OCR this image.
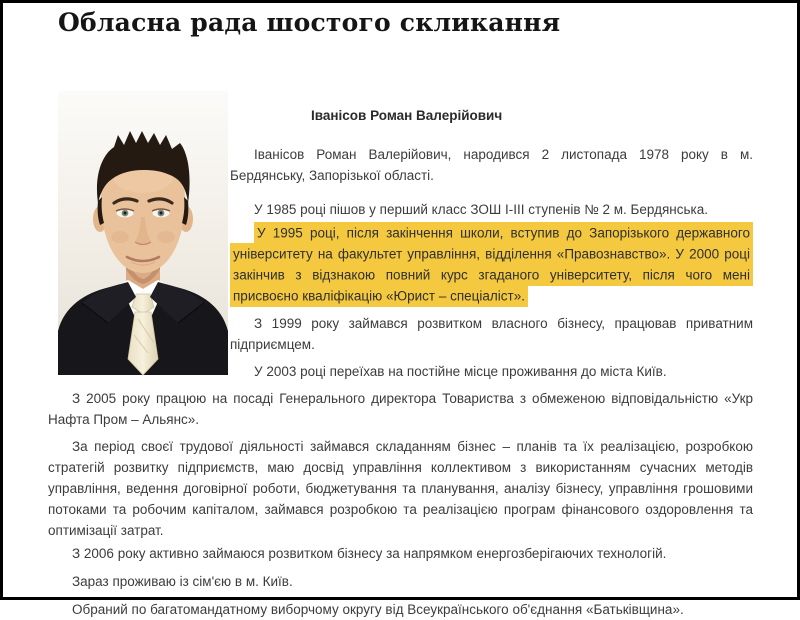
Обласна рада шостого скликання

Іванісов Роман Валерійович

Іванісов Роман Валерійович, народився 2 листопада 1978 року в м. Бердянську, Запорізької області.

У 1985 році пішов у перший класс ЗОШ І-ІІІ ступенів № 2 м. Бердянська.

У 1995 році, після закінчення школи, вступив до Запорізького державного університету на факультет управління, відділення «Правознавство». У 2000 році закінчив з відзнакою повний курс згаданого університету, після чого мені присвоєно кваліфікацію «Юрист – спеціаліст».

З 1999 року займався розвитком власного бізнесу, працював приватним підприємцем.

У 2003 році переїхав на постійне місце проживання до міста Київ.

З 2005 року працюю на посаді Генерального директора Товариства з обмеженою відповідальністю «Укр Нафта Пром – Альянс».

За період своєї трудової діяльності займався складанням бізнес – планів та їх реалізацією, розробкою стратегій розвитку підприємств, маю досвід управління коллективом з використанням сучасних методів управління, ведення договірної роботи, бюджетування та планування, аналізу бізнесу, управління грошовими потоками та робочим капіталом, займався розробкою та реалізацією програм фінансового оздоровлення та оптимізації затрат.

З 2006 року активно займаюся розвитком бізнесу за напрямком енергозберігаючих технологій.

Зараз проживаю із сім'єю в м. Київ.

Обраний по багатомандатному виборчому округу від Всеукраїнського об'єднання «Батьківщина».
